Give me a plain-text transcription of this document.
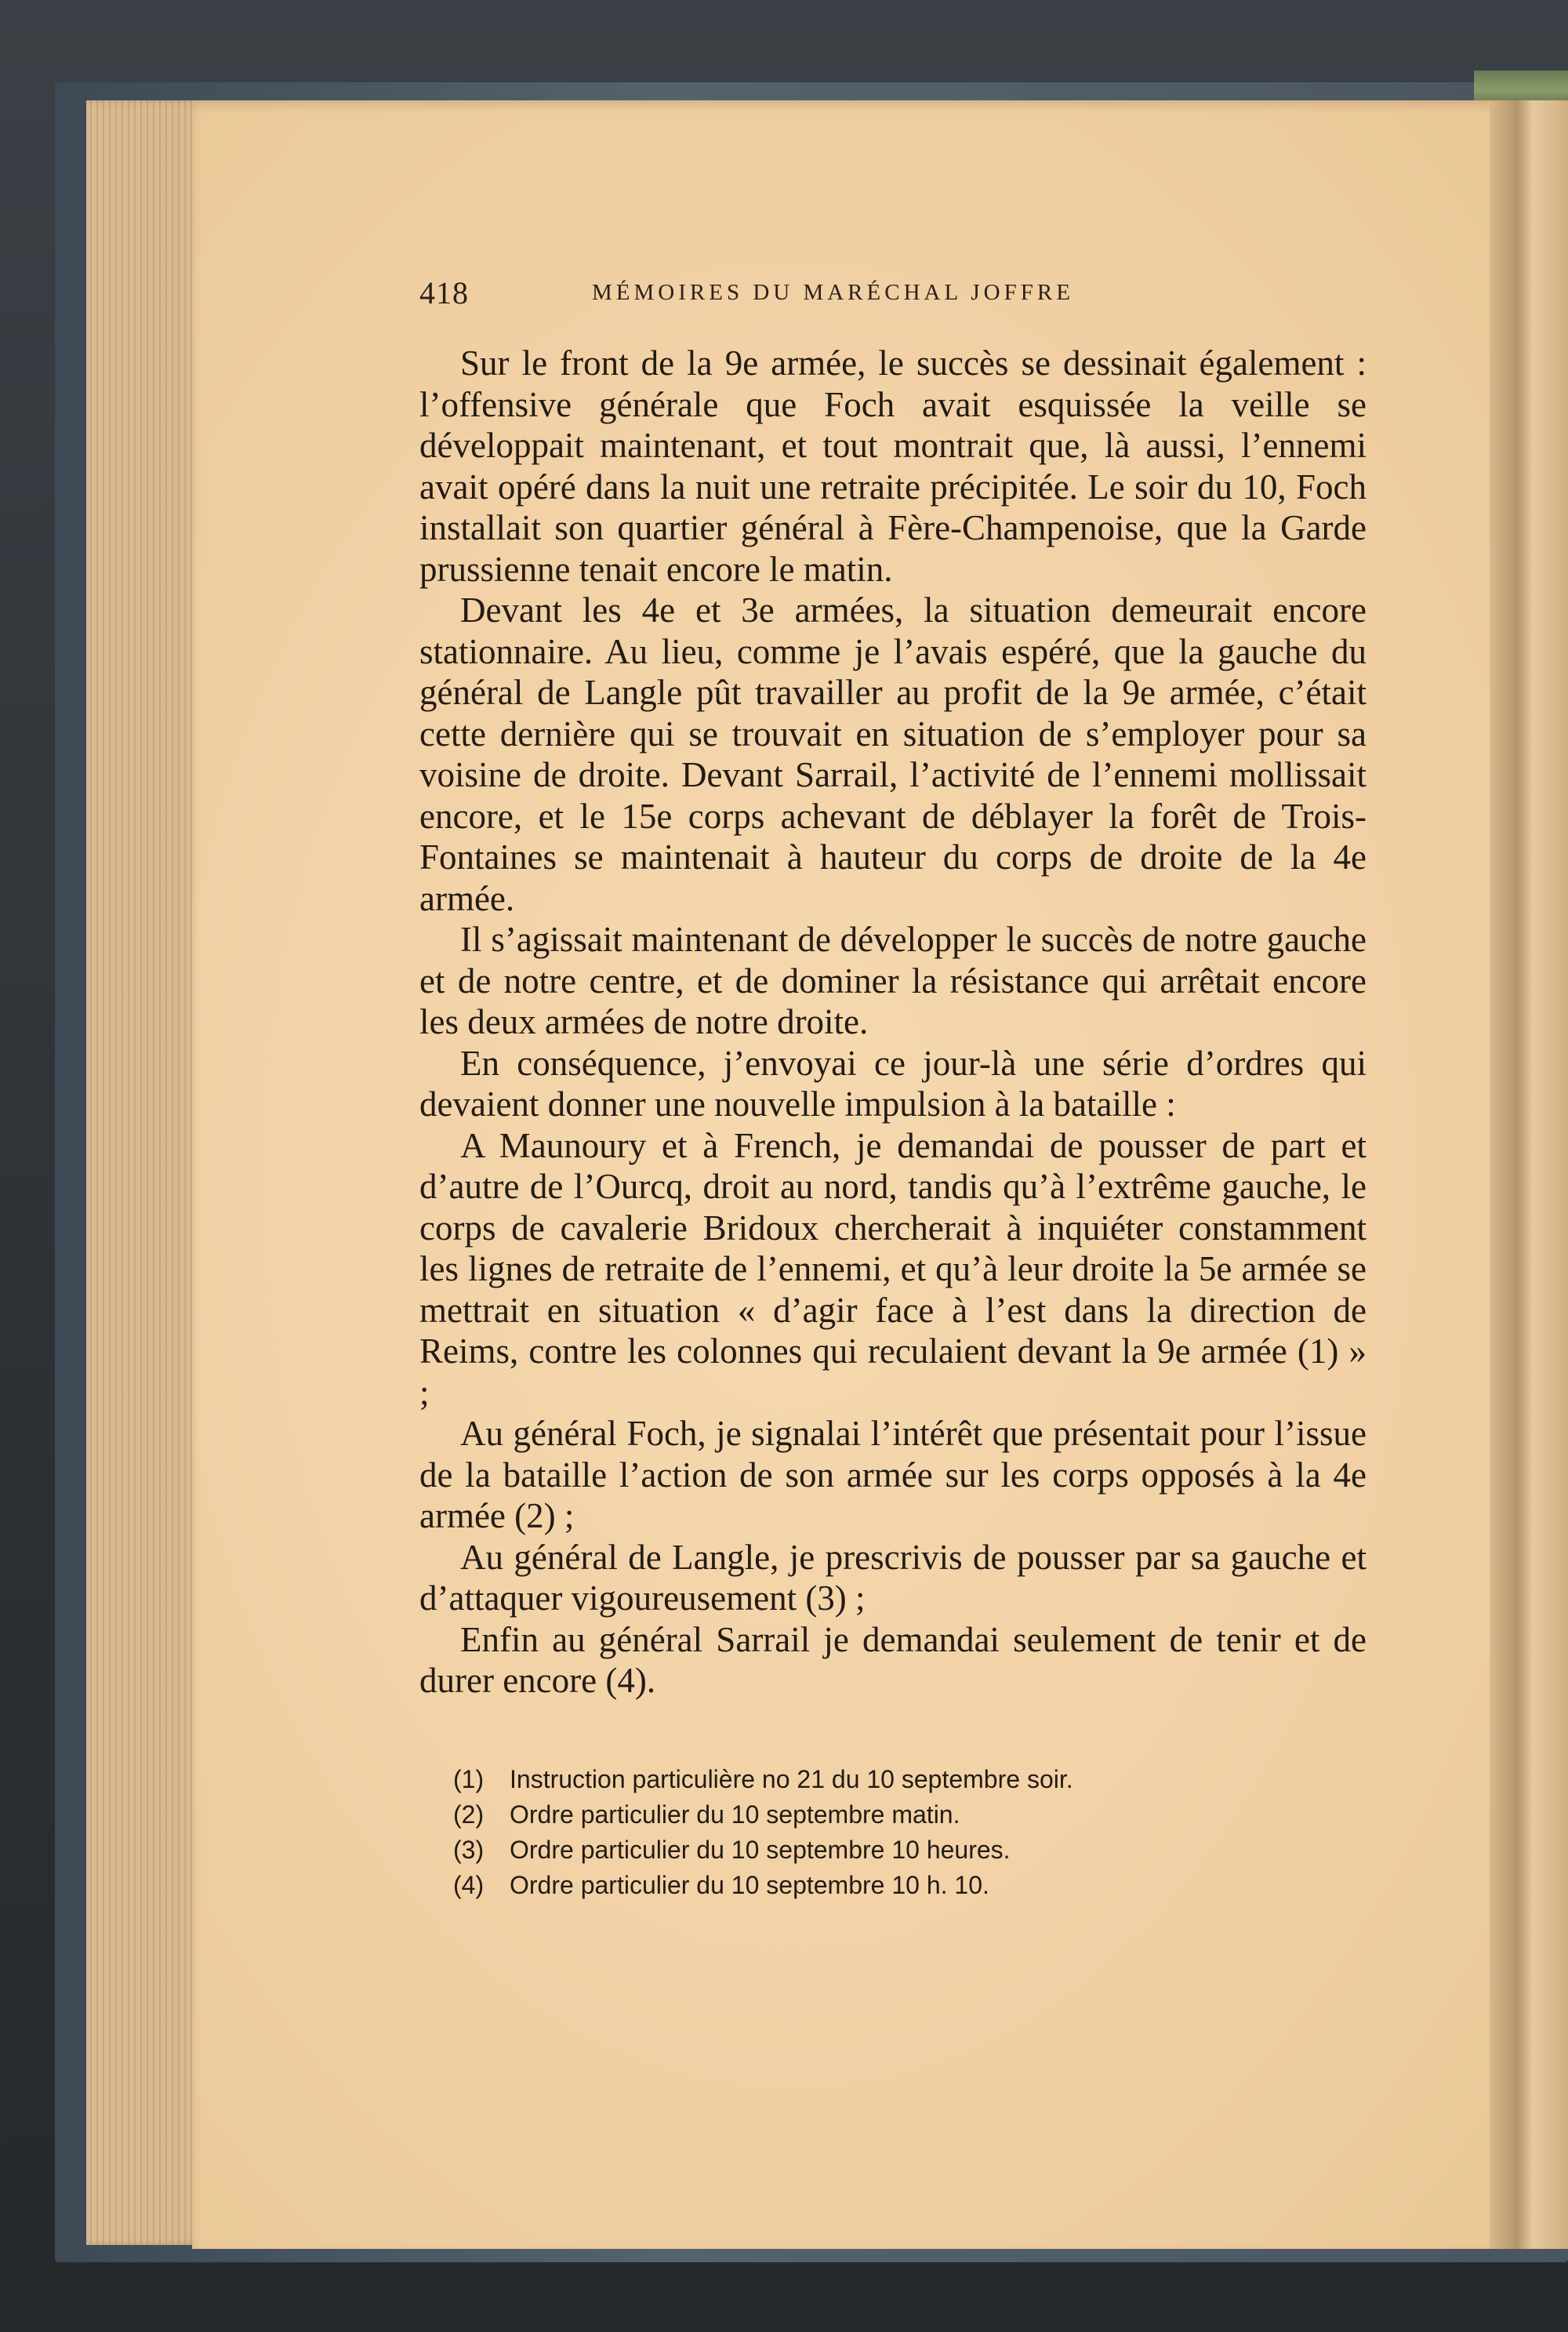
418	MÉMOIRES DU MARÉCHAL JOFFRE

Sur le front de la 9e armée, le succès se dessinait également : l’offensive générale que Foch avait esquissée la veille se développait maintenant, et tout montrait que, là aussi, l’ennemi avait opéré dans la nuit une retraite précipitée. Le soir du 10, Foch installait son quartier général à Fère-Champenoise, que la Garde prussienne tenait encore le matin.

Devant les 4e et 3e armées, la situation demeurait encore stationnaire. Au lieu, comme je l’avais espéré, que la gauche du général de Langle pût travailler au profit de la 9e armée, c’était cette dernière qui se trouvait en situation de s’employer pour sa voisine de droite. Devant Sarrail, l’activité de l’ennemi mollissait encore, et le 15e corps achevant de déblayer la forêt de Trois-Fontaines se maintenait à hauteur du corps de droite de la 4e armée.

Il s’agissait maintenant de développer le succès de notre gauche et de notre centre, et de dominer la résistance qui arrêtait encore les deux armées de notre droite.

En conséquence, j’envoyai ce jour-là une série d’ordres qui devaient donner une nouvelle impulsion à la bataille :

A Maunoury et à French, je demandai de pousser de part et d’autre de l’Ourcq, droit au nord, tandis qu’à l’extrême gauche, le corps de cavalerie Bridoux chercherait à inquiéter constamment les lignes de retraite de l’ennemi, et qu’à leur droite la 5e armée se mettrait en situation « d’agir face à l’est dans la direction de Reims, contre les colonnes qui reculaient devant la 9e armée (1) » ;

Au général Foch, je signalai l’intérêt que présentait pour l’issue de la bataille l’action de son armée sur les corps opposés à la 4e armée (2) ;

Au général de Langle, je prescrivis de pousser par sa gauche et d’attaquer vigoureusement (3) ;

Enfin au général Sarrail je demandai seulement de tenir et de durer encore (4).

(1)	Instruction particulière no 21 du 10 septembre soir.
(2)	Ordre particulier du 10 septembre matin.
(3)	Ordre particulier du 10 septembre 10 heures.
(4)	Ordre particulier du 10 septembre 10 h. 10.
